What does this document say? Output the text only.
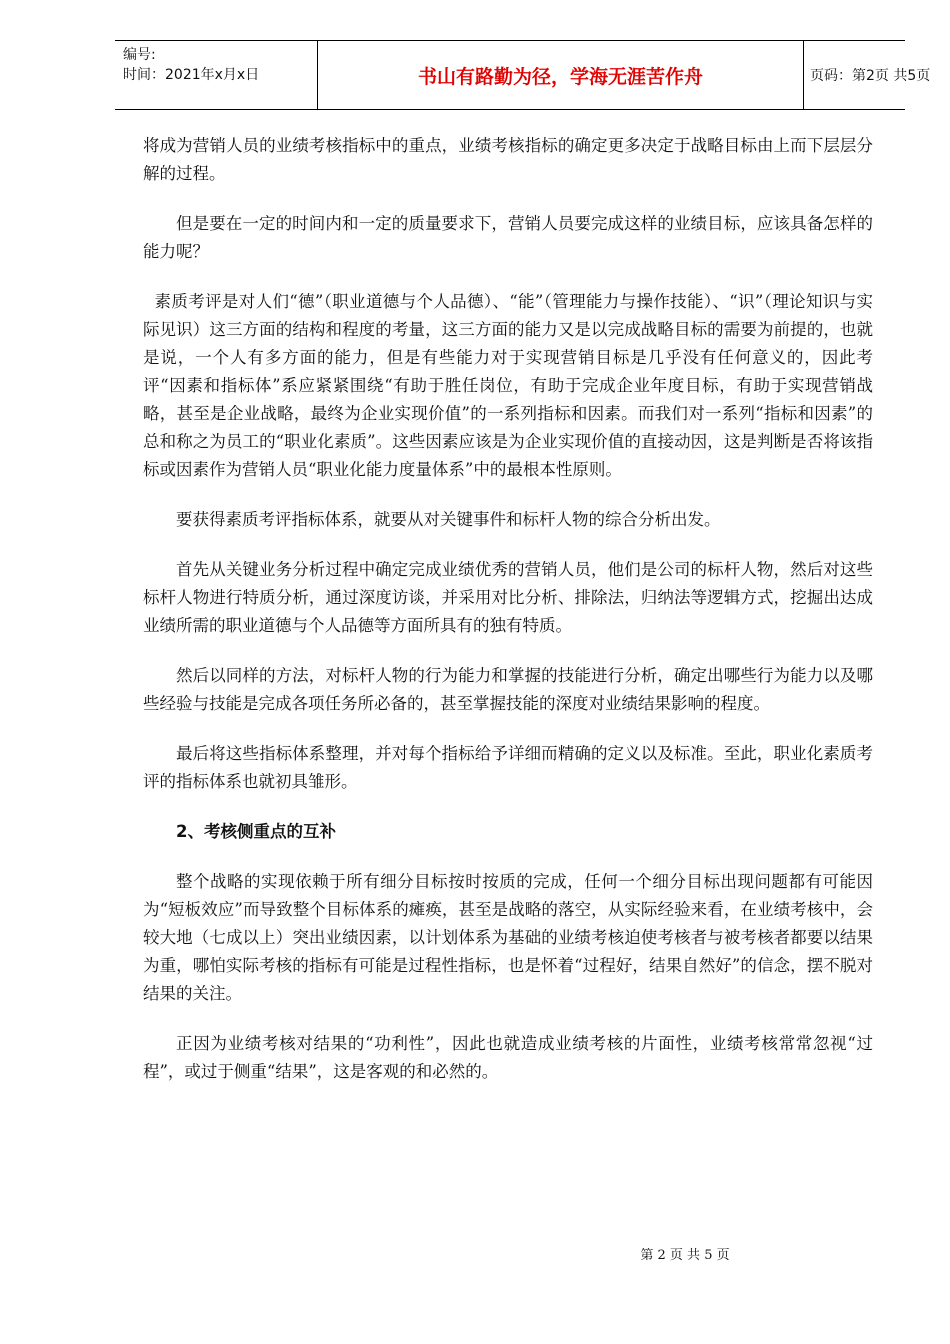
编号:
时间：2021年x月x日	书山有路勤为径，学海无涯苦作舟	页码：第2页 共5页

将成为营销人员的业绩考核指标中的重点，业绩考核指标的确定更多决定于战略目标由上而下层层分解的过程。

但是要在一定的时间内和一定的质量要求下，营销人员要完成这样的业绩目标，应该具备怎样的能力呢？

素质考评是对人们“德”（职业道德与个人品德）、“能”（管理能力与操作技能）、“识”（理论知识与实际见识）这三方面的结构和程度的考量，这三方面的能力又是以完成战略目标的需要为前提的，也就是说，一个人有多方面的能力，但是有些能力对于实现营销目标是几乎没有任何意义的，因此考评“因素和指标体”系应紧紧围绕“有助于胜任岗位，有助于完成企业年度目标，有助于实现营销战略，甚至是企业战略，最终为企业实现价值”的一系列指标和因素。而我们对一系列“指标和因素”的总和称之为员工的“职业化素质”。这些因素应该是为企业实现价值的直接动因，这是判断是否将该指标或因素作为营销人员“职业化能力度量体系”中的最根本性原则。

要获得素质考评指标体系，就要从对关键事件和标杆人物的综合分析出发。

首先从关键业务分析过程中确定完成业绩优秀的营销人员，他们是公司的标杆人物，然后对这些标杆人物进行特质分析，通过深度访谈，并采用对比分析、排除法，归纳法等逻辑方式，挖掘出达成业绩所需的职业道德与个人品德等方面所具有的独有特质。

然后以同样的方法，对标杆人物的行为能力和掌握的技能进行分析，确定出哪些行为能力以及哪些经验与技能是完成各项任务所必备的，甚至掌握技能的深度对业绩结果影响的程度。

最后将这些指标体系整理，并对每个指标给予详细而精确的定义以及标准。至此，职业化素质考评的指标体系也就初具雏形。

2、考核侧重点的互补

整个战略的实现依赖于所有细分目标按时按质的完成，任何一个细分目标出现问题都有可能因为“短板效应”而导致整个目标体系的瘫痪，甚至是战略的落空，从实际经验来看，在业绩考核中，会较大地（七成以上）突出业绩因素，以计划体系为基础的业绩考核迫使考核者与被考核者都要以结果为重，哪怕实际考核的指标有可能是过程性指标，也是怀着“过程好，结果自然好”的信念，摆不脱对结果的关注。

正因为业绩考核对结果的“功利性”，因此也就造成业绩考核的片面性，业绩考核常常忽视“过程”，或过于侧重“结果”，这是客观的和必然的。

第 2 页 共 5 页
